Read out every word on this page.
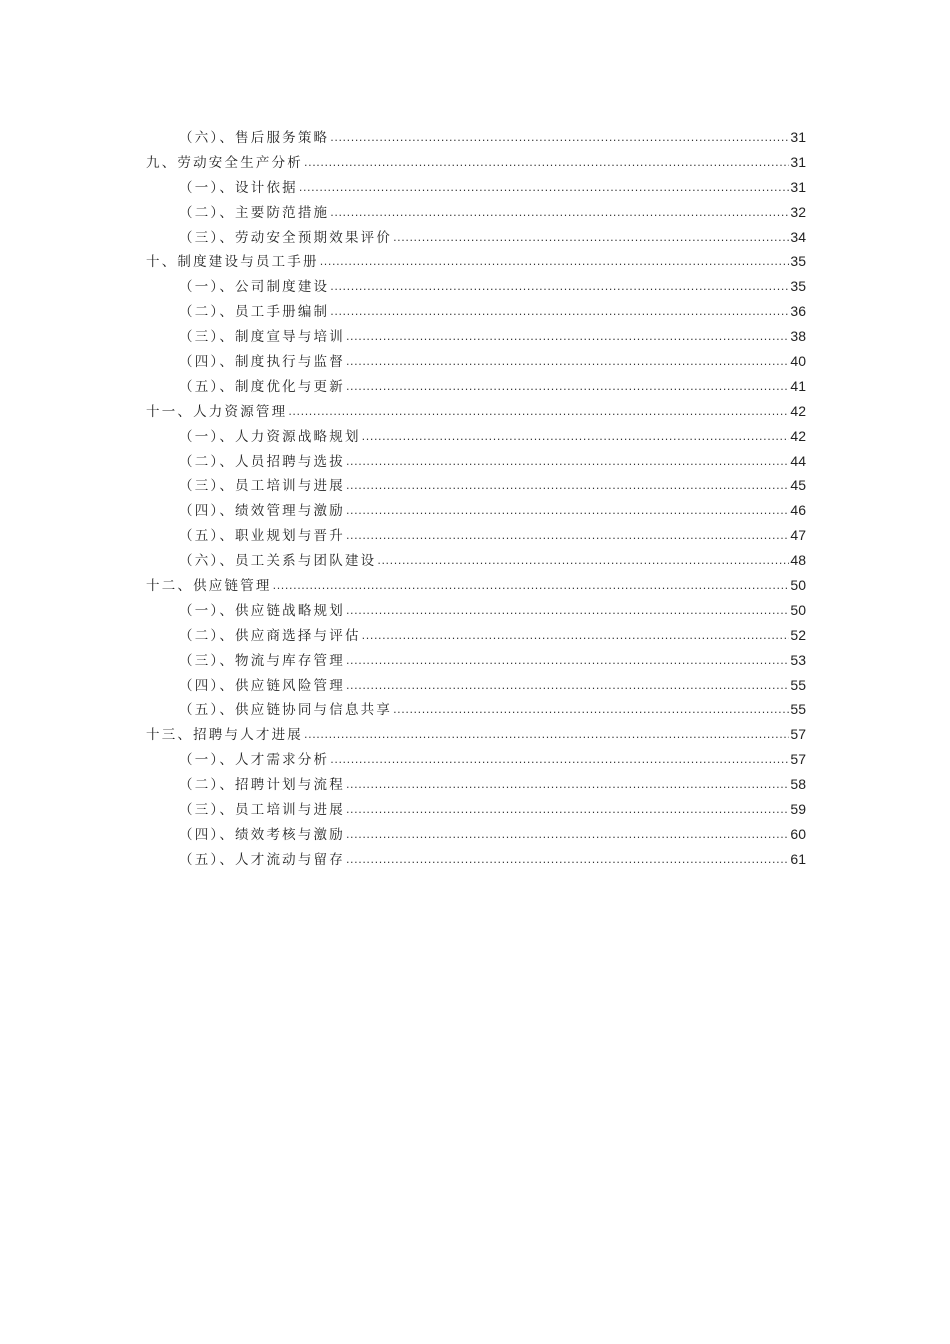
（六）、售后服务策略 .....	31
九、劳动安全生产分析 .....	31
（一）、设计依据 .....	31
（二）、主要防范措施 .....	32
（三）、劳动安全预期效果评价 .....	34
十、制度建设与员工手册 .....	35
（一）、公司制度建设 .....	35
（二）、员工手册编制 .....	36
（三）、制度宣导与培训 .....	38
（四）、制度执行与监督 .....	40
（五）、制度优化与更新 .....	41
十一、人力资源管理 .....	42
（一）、人力资源战略规划 .....	42
（二）、人员招聘与选拔 .....	44
（三）、员工培训与进展 .....	45
（四）、绩效管理与激励 .....	46
（五）、职业规划与晋升 .....	47
（六）、员工关系与团队建设 .....	48
十二、供应链管理 .....	50
（一）、供应链战略规划 .....	50
（二）、供应商选择与评估 .....	52
（三）、物流与库存管理 .....	53
（四）、供应链风险管理 .....	55
（五）、供应链协同与信息共享 .....	55
十三、招聘与人才进展 .....	57
（一）、人才需求分析 .....	57
（二）、招聘计划与流程 .....	58
（三）、员工培训与进展 .....	59
（四）、绩效考核与激励 .....	60
（五）、人才流动与留存 .....	61
